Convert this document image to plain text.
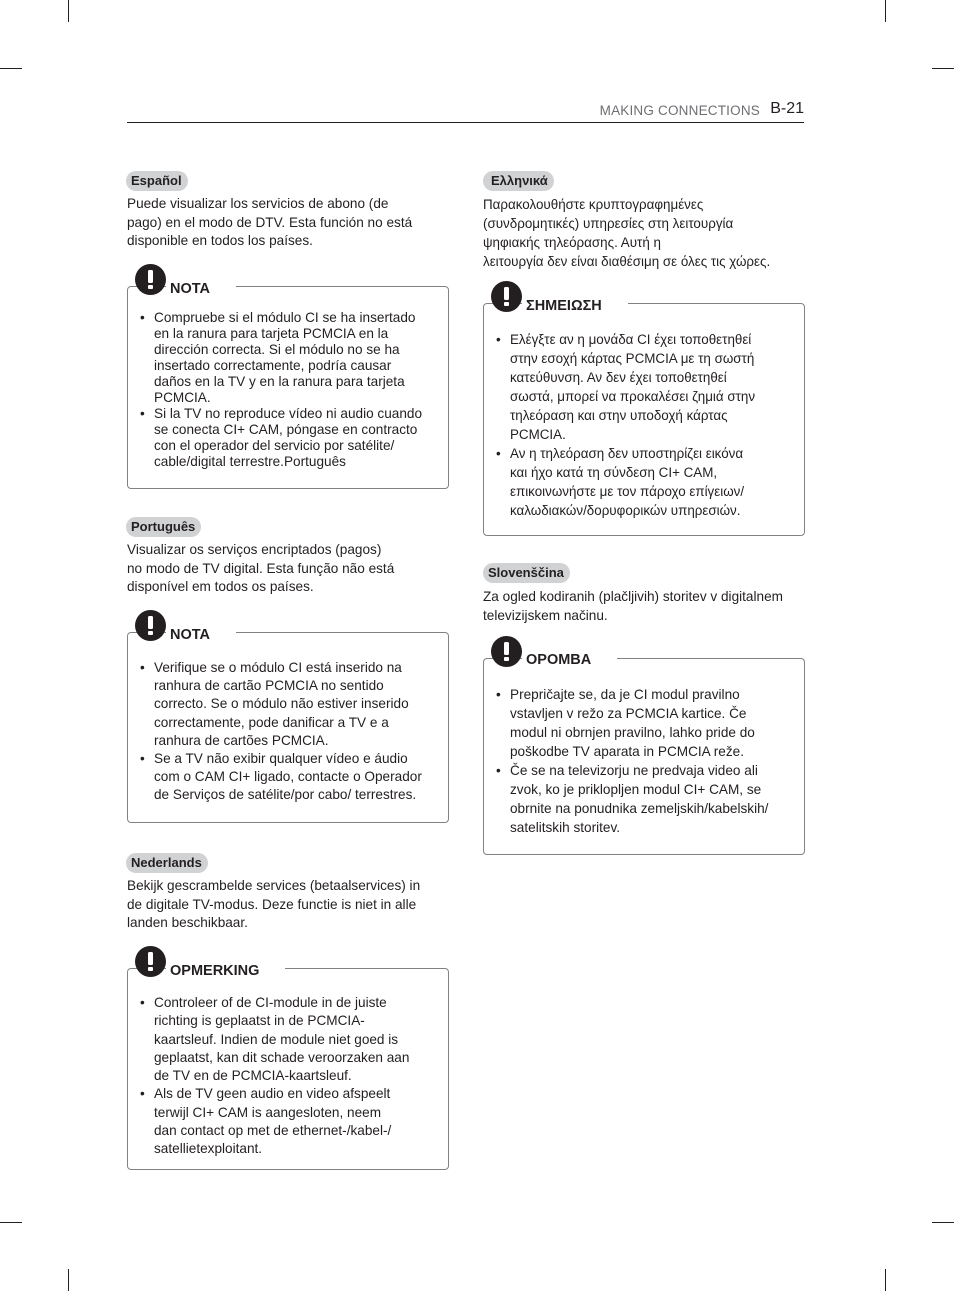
MAKING CONNECTIONS B-21
Español
Puede visualizar los servicios de abono (de
pago) en el modo de DTV. Esta función no está
disponible en todos los países.
NOTA
• Compruebe si el módulo CI se ha insertado
en la ranura para tarjeta PCMCIA en la
dirección correcta. Si el módulo no se ha
insertado correctamente, podría causar
daños en la TV y en la ranura para tarjeta
PCMCIA.
• Si la TV no reproduce vídeo ni audio cuando
se conecta CI+ CAM, póngase en contracto
con el operador del servicio por satélite/
cable/digital terrestre.Português
Português
Visualizar os serviços encriptados (pagos)
no modo de TV digital. Esta função não está
disponível em todos os países.
NOTA
• Verifique se o módulo CI está inserido na
ranhura de cartão PCMCIA no sentido
correcto. Se o módulo não estiver inserido
correctamente, pode danificar a TV e a
ranhura de cartões PCMCIA.
• Se a TV não exibir qualquer vídeo e áudio
com o CAM CI+ ligado, contacte o Operador
de Serviços de satélite/por cabo/ terrestres.
Nederlands
Bekijk gescrambelde services (betaalservices) in
de digitale TV-modus. Deze functie is niet in alle
landen beschikbaar.
OPMERKING
• Controleer of de CI-module in de juiste
richting is geplaatst in de PCMCIA-
kaartsleuf. Indien de module niet goed is
geplaatst, kan dit schade veroorzaken aan
de TV en de PCMCIA-kaartsleuf.
• Als de TV geen audio en video afspeelt
terwijl CI+ CAM is aangesloten, neem
dan contact op met de ethernet-/kabel-/
satellietexploitant.
Ελληνικά
Παρακολουθήστε κρυπτογραφημένες
(συνδρομητικές) υπηρεσίες στη λειτουργία
ψηφιακής τηλεόρασης. Αυτή η
λειτουργία δεν είναι διαθέσιμη σε όλες τις χώρες.
ΣΗΜΕΙΩΣΗ
• Ελέγξτε αν η μονάδα CI έχει τοποθετηθεί
στην εσοχή κάρτας PCMCIA με τη σωστή
κατεύθυνση. Αν δεν έχει τοποθετηθεί
σωστά, μπορεί να προκαλέσει ζημιά στην
τηλεόραση και στην υποδοχή κάρτας
PCMCIA.
• Αν η τηλεόραση δεν υποστηρίζει εικόνα
και ήχο κατά τη σύνδεση CI+ CAM,
επικοινωνήστε με τον πάροχο επίγειων/
καλωδιακών/δορυφορικών υπηρεσιών.
Slovenščina
Za ogled kodiranih (plačljivih) storitev v digitalnem
televizijskem načinu.
OPOMBA
• Prepričajte se, da je CI modul pravilno
vstavljen v režo za PCMCIA kartice. Če
modul ni obrnjen pravilno, lahko pride do
poškodbe TV aparata in PCMCIA reže.
• Če se na televizorju ne predvaja video ali
zvok, ko je priklopljen modul CI+ CAM, se
obrnite na ponudnika zemeljskih/kabelskih/
satelitskih storitev.
